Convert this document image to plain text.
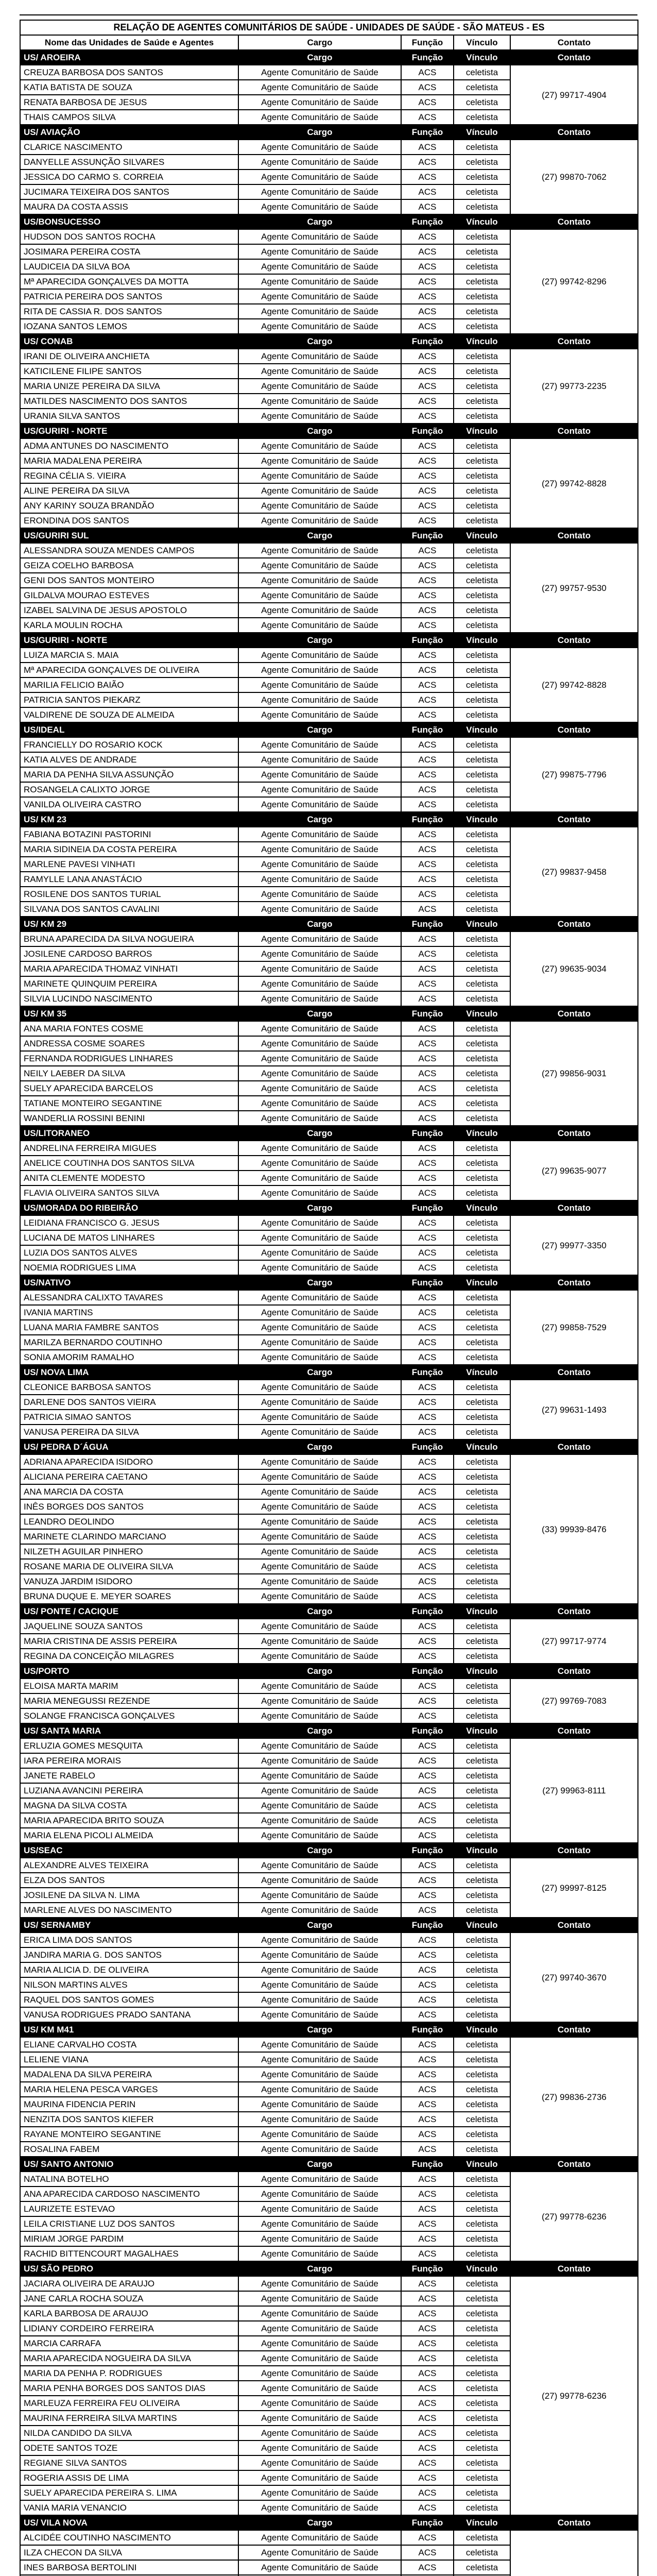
RELAÇÃO DE AGENTES COMUNITÁRIOS DE SAÚDE - UNIDADES DE SAÚDE - SÃO MATEUS - ES				
Nome das Unidades de Saúde e Agentes	Cargo	Função	Vínculo	Contato
US/ AROEIRA	Cargo	Função	Vínculo	Contato
CREUZA BARBOSA DOS SANTOS	Agente Comunitário de Saúde	ACS	celetista	(27) 99717-4904
KATIA BATISTA DE SOUZA	Agente Comunitário de Saúde	ACS	celetista	
RENATA BARBOSA DE JESUS	Agente Comunitário de Saúde	ACS	celetista	
THAIS CAMPOS SILVA	Agente Comunitário de Saúde	ACS	celetista	
US/ AVIAÇÃO	Cargo	Função	Vínculo	Contato
CLARICE NASCIMENTO	Agente Comunitário de Saúde	ACS	celetista	(27) 99870-7062
DANYELLE ASSUNÇÃO SILVARES	Agente Comunitário de Saúde	ACS	celetista	
JESSICA DO CARMO S. CORREIA	Agente Comunitário de Saúde	ACS	celetista	
JUCIMARA TEIXEIRA DOS SANTOS	Agente Comunitário de Saúde	ACS	celetista	
MAURA DA COSTA ASSIS	Agente Comunitário de Saúde	ACS	celetista	
US/BONSUCESSO	Cargo	Função	Vínculo	Contato
HUDSON DOS SANTOS ROCHA	Agente Comunitário de Saúde	ACS	celetista	(27) 99742-8296
JOSIMARA PEREIRA COSTA	Agente Comunitário de Saúde	ACS	celetista	
LAUDICEIA DA SILVA BOA	Agente Comunitário de Saúde	ACS	celetista	
Mª APARECIDA GONÇALVES DA MOTTA	Agente Comunitário de Saúde	ACS	celetista	
PATRICIA PEREIRA DOS SANTOS	Agente Comunitário de Saúde	ACS	celetista	
RITA DE CASSIA R. DOS SANTOS	Agente Comunitário de Saúde	ACS	celetista	
IOZANA SANTOS LEMOS	Agente Comunitário de Saúde	ACS	celetista	
US/ CONAB	Cargo	Função	Vínculo	Contato
IRANI DE OLIVEIRA ANCHIETA	Agente Comunitário de Saúde	ACS	celetista	(27) 99773-2235
KATICILENE FILIPE SANTOS	Agente Comunitário de Saúde	ACS	celetista	
MARIA UNIZE PEREIRA DA SILVA	Agente Comunitário de Saúde	ACS	celetista	
MATILDES NASCIMENTO DOS SANTOS	Agente Comunitário de Saúde	ACS	celetista	
URANIA SILVA SANTOS	Agente Comunitário de Saúde	ACS	celetista	
US/GURIRI - NORTE	Cargo	Função	Vínculo	Contato
ADMA ANTUNES DO NASCIMENTO	Agente Comunitário de Saúde	ACS	celetista	(27) 99742-8828
MARIA MADALENA PEREIRA	Agente Comunitário de Saúde	ACS	celetista	
REGINA CÉLIA S. VIEIRA	Agente Comunitário de Saúde	ACS	celetista	
ALINE PEREIRA DA SILVA	Agente Comunitário de Saúde	ACS	celetista	
ANY KARINY SOUZA BRANDÃO	Agente Comunitário de Saúde	ACS	celetista	
ERONDINA DOS SANTOS	Agente Comunitário de Saúde	ACS	celetista	
US/GURIRI SUL	Cargo	Função	Vínculo	Contato
ALESSANDRA SOUZA MENDES CAMPOS	Agente Comunitário de Saúde	ACS	celetista	(27) 99757-9530
GEIZA COELHO BARBOSA	Agente Comunitário de Saúde	ACS	celetista	
GENI DOS SANTOS MONTEIRO	Agente Comunitário de Saúde	ACS	celetista	
GILDALVA MOURAO ESTEVES	Agente Comunitário de Saúde	ACS	celetista	
IZABEL SALVINA DE JESUS APOSTOLO	Agente Comunitário de Saúde	ACS	celetista	
KARLA MOULIN ROCHA	Agente Comunitário de Saúde	ACS	celetista	
US/GURIRI - NORTE	Cargo	Função	Vínculo	Contato
LUIZA MARCIA S. MAIA	Agente Comunitário de Saúde	ACS	celetista	(27) 99742-8828
Mª APARECIDA GONÇALVES DE OLIVEIRA	Agente Comunitário de Saúde	ACS	celetista	
MARILIA FELICIO BAIÃO	Agente Comunitário de Saúde	ACS	celetista	
PATRICIA SANTOS PIEKARZ	Agente Comunitário de Saúde	ACS	celetista	
VALDIRENE DE SOUZA DE ALMEIDA	Agente Comunitário de Saúde	ACS	celetista	
US/IDEAL	Cargo	Função	Vínculo	Contato
FRANCIELLY DO ROSARIO KOCK	Agente Comunitário de Saúde	ACS	celetista	(27) 99875-7796
KATIA ALVES DE ANDRADE	Agente Comunitário de Saúde	ACS	celetista	
MARIA DA PENHA SILVA ASSUNÇÃO	Agente Comunitário de Saúde	ACS	celetista	
ROSANGELA CALIXTO JORGE	Agente Comunitário de Saúde	ACS	celetista	
VANILDA OLIVEIRA CASTRO	Agente Comunitário de Saúde	ACS	celetista	
US/ KM 23	Cargo	Função	Vínculo	Contato
FABIANA BOTAZINI PASTORINI	Agente Comunitário de Saúde	ACS	celetista	(27) 99837-9458
MARIA SIDINEIA DA COSTA PEREIRA	Agente Comunitário de Saúde	ACS	celetista	
MARLENE PAVESI VINHATI	Agente Comunitário de Saúde	ACS	celetista	
RAMYLLE LANA ANASTÁCIO	Agente Comunitário de Saúde	ACS	celetista	
ROSILENE DOS SANTOS TURIAL	Agente Comunitário de Saúde	ACS	celetista	
SILVANA DOS SANTOS CAVALINI	Agente Comunitário de Saúde	ACS	celetista	
US/ KM 29	Cargo	Função	Vínculo	Contato
BRUNA APARECIDA DA SILVA NOGUEIRA	Agente Comunitário de Saúde	ACS	celetista	(27) 99635-9034
JOSILENE CARDOSO BARROS	Agente Comunitário de Saúde	ACS	celetista	
MARIA APARECIDA THOMAZ VINHATI	Agente Comunitário de Saúde	ACS	celetista	
MARINETE QUINQUIM PEREIRA	Agente Comunitário de Saúde	ACS	celetista	
SILVIA LUCINDO NASCIMENTO	Agente Comunitário de Saúde	ACS	celetista	
US/ KM 35	Cargo	Função	Vínculo	Contato
ANA MARIA FONTES COSME	Agente Comunitário de Saúde	ACS	celetista	(27) 99856-9031
ANDRESSA COSME SOARES	Agente Comunitário de Saúde	ACS	celetista	
FERNANDA RODRIGUES LINHARES	Agente Comunitário de Saúde	ACS	celetista	
NEILY LAEBER DA SILVA	Agente Comunitário de Saúde	ACS	celetista	
SUELY APARECIDA BARCELOS	Agente Comunitário de Saúde	ACS	celetista	
TATIANE MONTEIRO SEGANTINE	Agente Comunitário de Saúde	ACS	celetista	
WANDERLIA ROSSINI BENINI	Agente Comunitário de Saúde	ACS	celetista	
US/LITORANEO	Cargo	Função	Vínculo	Contato
ANDRELINA FERREIRA MIGUES	Agente Comunitário de Saúde	ACS	celetista	(27) 99635-9077
ANELICE COUTINHA DOS SANTOS SILVA	Agente Comunitário de Saúde	ACS	celetista	
ANITA CLEMENTE MODESTO	Agente Comunitário de Saúde	ACS	celetista	
FLAVIA OLIVEIRA SANTOS SILVA	Agente Comunitário de Saúde	ACS	celetista	
US/MORADA DO RIBEIRÃO	Cargo	Função	Vínculo	Contato
LEIDIANA FRANCISCO G. JESUS	Agente Comunitário de Saúde	ACS	celetista	(27) 99977-3350
LUCIANA DE MATOS LINHARES	Agente Comunitário de Saúde	ACS	celetista	
LUZIA DOS SANTOS ALVES	Agente Comunitário de Saúde	ACS	celetista	
NOEMIA RODRIGUES LIMA	Agente Comunitário de Saúde	ACS	celetista	
US/NATIVO	Cargo	Função	Vínculo	Contato
ALESSANDRA CALIXTO TAVARES	Agente Comunitário de Saúde	ACS	celetista	(27) 99858-7529
IVANIA MARTINS	Agente Comunitário de Saúde	ACS	celetista	
LUANA MARIA FAMBRE SANTOS	Agente Comunitário de Saúde	ACS	celetista	
MARILZA BERNARDO COUTINHO	Agente Comunitário de Saúde	ACS	celetista	
SONIA AMORIM RAMALHO	Agente Comunitário de Saúde	ACS	celetista	
US/ NOVA LIMA	Cargo	Função	Vínculo	Contato
CLEONICE BARBOSA SANTOS	Agente Comunitário de Saúde	ACS	celetista	(27) 99631-1493
DARLENE DOS SANTOS VIEIRA	Agente Comunitário de Saúde	ACS	celetista	
PATRICIA SIMAO SANTOS	Agente Comunitário de Saúde	ACS	celetista	
VANUSA PEREIRA DA SILVA	Agente Comunitário de Saúde	ACS	celetista	
US/ PEDRA D´ÁGUA	Cargo	Função	Vínculo	Contato
ADRIANA APARECIDA ISIDORO	Agente Comunitário de Saúde	ACS	celetista	(33) 99939-8476
ALICIANA PEREIRA CAETANO	Agente Comunitário de Saúde	ACS	celetista	
ANA MARCIA DA COSTA	Agente Comunitário de Saúde	ACS	celetista	
INÊS BORGES DOS SANTOS	Agente Comunitário de Saúde	ACS	celetista	
LEANDRO DEOLINDO	Agente Comunitário de Saúde	ACS	celetista	
MARINETE CLARINDO MARCIANO	Agente Comunitário de Saúde	ACS	celetista	
NILZETH AGUILAR PINHERO	Agente Comunitário de Saúde	ACS	celetista	
ROSANE MARIA DE OLIVEIRA SILVA	Agente Comunitário de Saúde	ACS	celetista	
VANUZA JARDIM ISIDORO	Agente Comunitário de Saúde	ACS	celetista	
BRUNA DUQUE E. MEYER SOARES	Agente Comunitário de Saúde	ACS	celetista	
US/ PONTE / CACIQUE	Cargo	Função	Vínculo	Contato
JAQUELINE SOUZA SANTOS	Agente Comunitário de Saúde	ACS	celetista	(27) 99717-9774
MARIA CRISTINA DE ASSIS PEREIRA	Agente Comunitário de Saúde	ACS	celetista	
REGINA DA CONCEIÇÃO MILAGRES	Agente Comunitário de Saúde	ACS	celetista	
US/PORTO	Cargo	Função	Vínculo	Contato
ELOISA MARTA MARIM	Agente Comunitário de Saúde	ACS	celetista	(27) 99769-7083
MARIA MENEGUSSI REZENDE	Agente Comunitário de Saúde	ACS	celetista	
SOLANGE FRANCISCA GONÇALVES	Agente Comunitário de Saúde	ACS	celetista	
US/ SANTA MARIA	Cargo	Função	Vínculo	Contato
ERLUZIA GOMES MESQUITA	Agente Comunitário de Saúde	ACS	celetista	(27) 99963-8111
IARA PEREIRA MORAIS	Agente Comunitário de Saúde	ACS	celetista	
JANETE RABELO	Agente Comunitário de Saúde	ACS	celetista	
LUZIANA AVANCINI PEREIRA	Agente Comunitário de Saúde	ACS	celetista	
MAGNA DA SILVA COSTA	Agente Comunitário de Saúde	ACS	celetista	
MARIA APARECIDA BRITO SOUZA	Agente Comunitário de Saúde	ACS	celetista	
MARIA ELENA PICOLI ALMEIDA	Agente Comunitário de Saúde	ACS	celetista	
US/SEAC	Cargo	Função	Vínculo	Contato
ALEXANDRE ALVES TEIXEIRA	Agente Comunitário de Saúde	ACS	celetista	(27) 99997-8125
ELZA DOS SANTOS	Agente Comunitário de Saúde	ACS	celetista	
JOSILENE DA SILVA N. LIMA	Agente Comunitário de Saúde	ACS	celetista	
MARLENE ALVES DO NASCIMENTO	Agente Comunitário de Saúde	ACS	celetista	
US/ SERNAMBY	Cargo	Função	Vínculo	Contato
ERICA LIMA DOS SANTOS	Agente Comunitário de Saúde	ACS	celetista	(27) 99740-3670
JANDIRA MARIA G. DOS SANTOS	Agente Comunitário de Saúde	ACS	celetista	
MARIA ALICIA D. DE OLIVEIRA	Agente Comunitário de Saúde	ACS	celetista	
NILSON MARTINS ALVES	Agente Comunitário de Saúde	ACS	celetista	
RAQUEL DOS SANTOS GOMES	Agente Comunitário de Saúde	ACS	celetista	
VANUSA RODRIGUES PRADO SANTANA	Agente Comunitário de Saúde	ACS	celetista	
US/ KM M41	Cargo	Função	Vínculo	Contato
ELIANE CARVALHO COSTA	Agente Comunitário de Saúde	ACS	celetista	(27) 99836-2736
LELIENE VIANA	Agente Comunitário de Saúde	ACS	celetista	
MADALENA DA SILVA PEREIRA	Agente Comunitário de Saúde	ACS	celetista	
MARIA HELENA PESCA VARGES	Agente Comunitário de Saúde	ACS	celetista	
MAURINA FIDENCIA PERIN	Agente Comunitário de Saúde	ACS	celetista	
NENZITA DOS SANTOS KIEFER	Agente Comunitário de Saúde	ACS	celetista	
RAYANE MONTEIRO SEGANTINE	Agente Comunitário de Saúde	ACS	celetista	
ROSALINA FABEM	Agente Comunitário de Saúde	ACS	celetista	
US/ SANTO ANTONIO	Cargo	Função	Vínculo	Contato
NATALINA BOTELHO	Agente Comunitário de Saúde	ACS	celetista	(27) 99778-6236
ANA APARECIDA CARDOSO NASCIMENTO	Agente Comunitário de Saúde	ACS	celetista	
LAURIZETE ESTEVAO	Agente Comunitário de Saúde	ACS	celetista	
LEILA CRISTIANE LUZ DOS SANTOS	Agente Comunitário de Saúde	ACS	celetista	
MIRIAM JORGE PARDIM	Agente Comunitário de Saúde	ACS	celetista	
RACHID BITTENCOURT MAGALHAES	Agente Comunitário de Saúde	ACS	celetista	
US/ SÃO PEDRO	Cargo	Função	Vínculo	Contato
JACIARA OLIVEIRA DE ARAUJO	Agente Comunitário de Saúde	ACS	celetista	(27) 99778-6236
JANE CARLA ROCHA SOUZA	Agente Comunitário de Saúde	ACS	celetista	
KARLA BARBOSA DE ARAUJO	Agente Comunitário de Saúde	ACS	celetista	
LIDIANY CORDEIRO FERREIRA	Agente Comunitário de Saúde	ACS	celetista	
MARCIA CARRAFA	Agente Comunitário de Saúde	ACS	celetista	
MARIA APARECIDA NOGUEIRA DA SILVA	Agente Comunitário de Saúde	ACS	celetista	
MARIA DA PENHA P. RODRIGUES	Agente Comunitário de Saúde	ACS	celetista	
MARIA PENHA BORGES DOS SANTOS DIAS	Agente Comunitário de Saúde	ACS	celetista	
MARLEUZA FERREIRA FEU OLIVEIRA	Agente Comunitário de Saúde	ACS	celetista	
MAURINA FERREIRA SILVA MARTINS	Agente Comunitário de Saúde	ACS	celetista	
NILDA CANDIDO DA SILVA	Agente Comunitário de Saúde	ACS	celetista	
ODETE SANTOS TOZE	Agente Comunitário de Saúde	ACS	celetista	
REGIANE SILVA SANTOS	Agente Comunitário de Saúde	ACS	celetista	
ROGERIA ASSIS DE LIMA	Agente Comunitário de Saúde	ACS	celetista	
SUELY APARECIDA PEREIRA S. LIMA	Agente Comunitário de Saúde	ACS	celetista	
VANIA MARIA VENANCIO	Agente Comunitário de Saúde	ACS	celetista	
US/ VILA NOVA	Cargo	Função	Vínculo	Contato
ALCIDÉE COUTINHO NASCIMENTO	Agente Comunitário de Saúde	ACS	celetista	
ILZA CHECON DA SILVA	Agente Comunitário de Saúde	ACS	celetista	
INES BARBOSA BERTOLINI	Agente Comunitário de Saúde	ACS	celetista	
